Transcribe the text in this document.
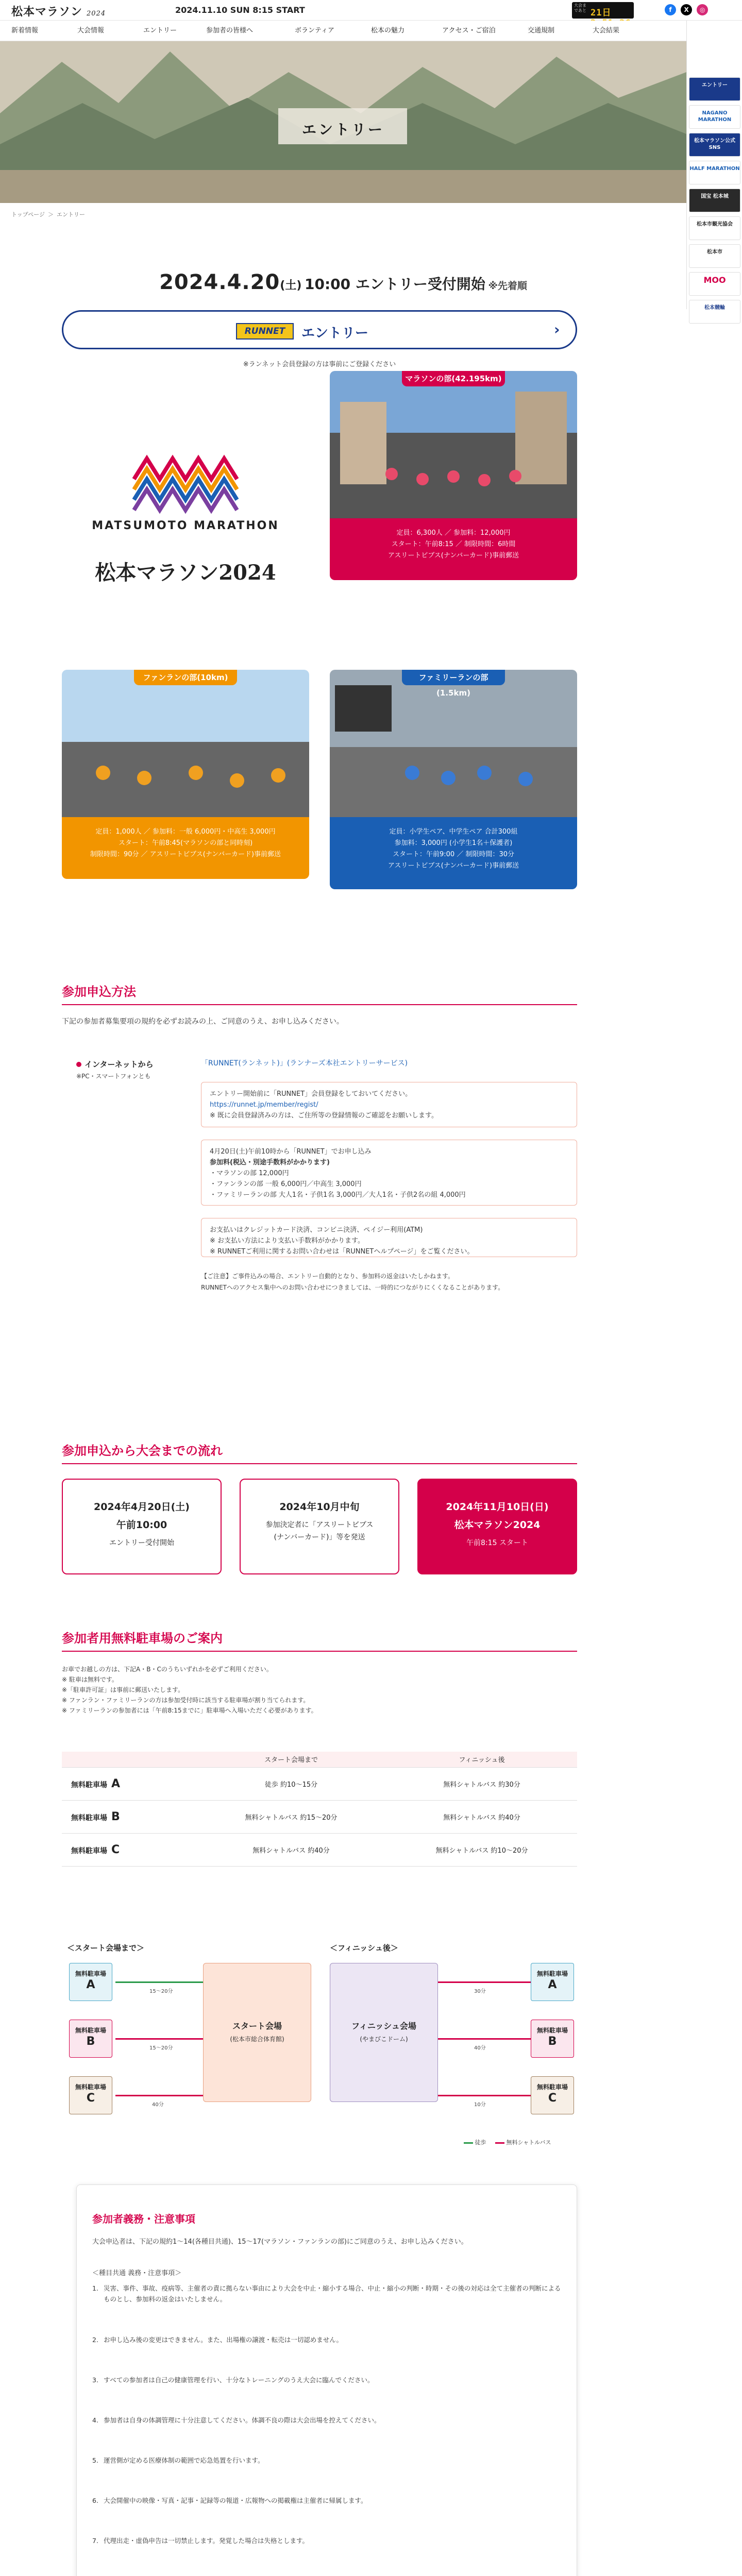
松本マラソン 2024	2024.11.10 SUN 8:15 START	大会まであと 21日	f X ◎
新着情報	大会情報	エントリー	参加者の皆様へ	ボランティア	松本の魅力	アクセス・ご宿泊	交通規制	大会結果
エントリー
エントリー
NAGANO MARATHON
松本マラソン公式SNS
HALF MARATHON
国宝 松本城
松本市観光協会
松本市
MOO
松本競輪
トップページ ＞ エントリー
2024.4.20(土) 10:00 エントリー受付開始 ※先着順
RUNNET	エントリー	›
※ランネット会員登録の方は事前にご登録ください
MATSUMOTO MARATHON
松本マラソン2024
マラソンの部(42.195km)
定員：6,300人 ／ 参加料：12,000円
スタート：午前8:15 ／ 制限時間：6時間
アスリートビブス(ナンバーカード)事前郵送
ファンランの部(10km)
定員：1,000人 ／ 参加料：一般 6,000円・中高生 3,000円
スタート：午前8:45(マラソンの部と同時刻)
制限時間：90分 ／ アスリートビブス(ナンバーカード)事前郵送
ファミリーランの部(1.5km)
定員：小学生ペア、中学生ペア 合計300組
参加料：3,000円 (小学生1名＋保護者)
スタート：午前9:00 ／ 制限時間：30分
アスリートビブス(ナンバーカード)事前郵送
参加申込方法
下記の参加者募集要項の規約を必ずお読みの上、ご同意のうえ、お申し込みください。
インターネットから
※PC・スマートフォンとも
「RUNNET(ランネット)」(ランナーズ本社エントリーサービス)
エントリー開始前に「RUNNET」会員登録をしておいてください。
https://runnet.jp/member/regist/
※ 既に会員登録済みの方は、ご住所等の登録情報のご確認をお願いします。
4月20日(土)午前10時から「RUNNET」でお申し込み
参加料(税込・別途手数料がかかります)
・マラソンの部 12,000円
・ファンランの部 一般 6,000円／中高生 3,000円
・ファミリーランの部 大人1名・子供1名 3,000円／大人1名・子供2名の組 4,000円
お支払いはクレジットカード決済、コンビニ決済、ペイジー利用(ATM)
※ お支払い方法により支払い手数料がかかります。
※ RUNNETご利用に関するお問い合わせは「RUNNETヘルプページ」をご覧ください。
【ご注意】ご事件込みの場合、エントリー自動的となり、参加料の返金はいたしかねます。
RUNNETへのアクセス集中へのお問い合わせにつきましては、一時的につながりにくくなることがあります。
参加申込から大会までの流れ
2024年4月20日(土)
午前10:00
エントリー受付開始
2024年10月中旬
参加決定者に「アスリートビブス
(ナンバーカード)」等を発送
2024年11月10日(日)
松本マラソン2024
午前8:15 スタート
参加者用無料駐車場のご案内
お車でお越しの方は、下記A・B・Cのうちいずれかを必ずご利用ください。
※ 駐車は無料です。
※「駐車許可証」は事前に郵送いたします。
※ ファンラン・ファミリーランの方は参加受付時に該当する駐車場が割り当てられます。
※ ファミリーランの参加者には「午前8:15までに」駐車場へ入場いただく必要があります。
	スタート会場まで	フィニッシュ後
無料駐車場 A	徒歩 約10〜15分	無料シャトルバス 約30分
無料駐車場 B	無料シャトルバス 約15〜20分	無料シャトルバス 約40分
無料駐車場 C	無料シャトルバス 約40分	無料シャトルバス 約10〜20分
＜スタート会場まで＞	＜フィニッシュ後＞
無料駐車場
A
無料駐車場
B
無料駐車場
C
15〜20分
15〜20分
40分
スタート会場
(松本市総合体育館)
フィニッシュ会場
(やまびこドーム)
30分
40分
10分
無料駐車場
A
無料駐車場
B
無料駐車場
C
徒歩	無料シャトルバス
参加者義務・注意事項
大会申込者は、下記の規約1〜14(各種目共通)、15〜17(マラソン・ファンランの部)にご同意のうえ、お申し込みください。
＜種目共通 義務・注意事項＞
1. 災害、事件、事故、疫病等、主催者の責に拠らない事由により大会を中止・縮小する場合、中止・縮小の判断・時期・その後の対応は全て主催者の判断によるものとし、参加料の返金はいたしません。
2. お申し込み後の変更はできません。また、出場権の譲渡・転売は一切認めません。
3. すべての参加者は自己の健康管理を行い、十分なトレーニングのうえ大会に臨んでください。
4. 参加者は自身の体調管理に十分注意してください。体調不良の際は大会出場を控えてください。
5. 運営側が定める医療体制の範囲で応急処置を行います。
6. 大会開催中の映像・写真・記事・記録等の報道・広報物への掲載権は主催者に帰属します。
7. 代理出走・虚偽申告は一切禁止します。発覚した場合は失格とします。
